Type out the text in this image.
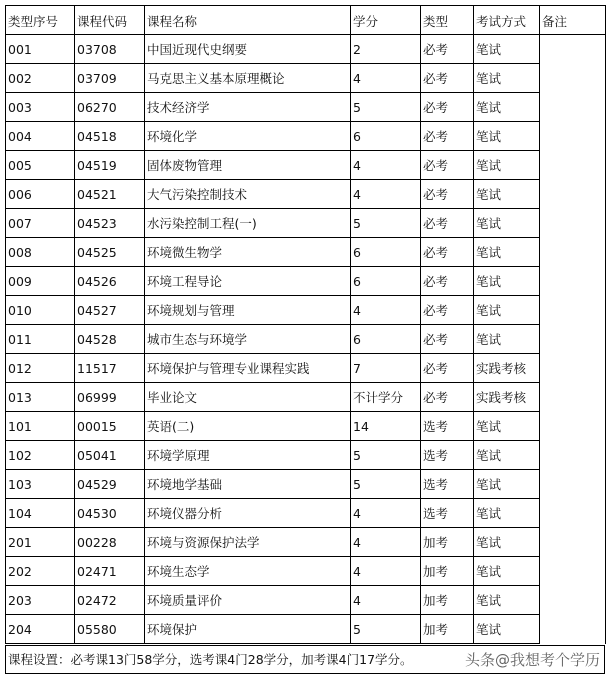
类型序号	课程代码	课程名称	学分	类型	考试方式	备注
001	03708	中国近现代史纲要	2	必考	笔试	
002	03709	马克思主义基本原理概论	4	必考	笔试	
003	06270	技术经济学	5	必考	笔试	
004	04518	环境化学	6	必考	笔试	
005	04519	固体废物管理	4	必考	笔试	
006	04521	大气污染控制技术	4	必考	笔试	
007	04523	水污染控制工程(一)	5	必考	笔试	
008	04525	环境微生物学	6	必考	笔试	
009	04526	环境工程导论	6	必考	笔试	
010	04527	环境规划与管理	4	必考	笔试	
011	04528	城市生态与环境学	6	必考	笔试	
012	11517	环境保护与管理专业课程实践	7	必考	实践考核	
013	06999	毕业论文	不计学分	必考	实践考核	
101	00015	英语(二)	14	选考	笔试	
102	05041	环境学原理	5	选考	笔试	
103	04529	环境地学基础	5	选考	笔试	
104	04530	环境仪器分析	4	选考	笔试	
201	00228	环境与资源保护法学	4	加考	笔试	
202	02471	环境生态学	4	加考	笔试	
203	02472	环境质量评价	4	加考	笔试	
204	05580	环境保护	5	加考	笔试	
课程设置：必考课13门58学分，选考课4门28学分，加考课4门17学分。	头条@我想考个学历
